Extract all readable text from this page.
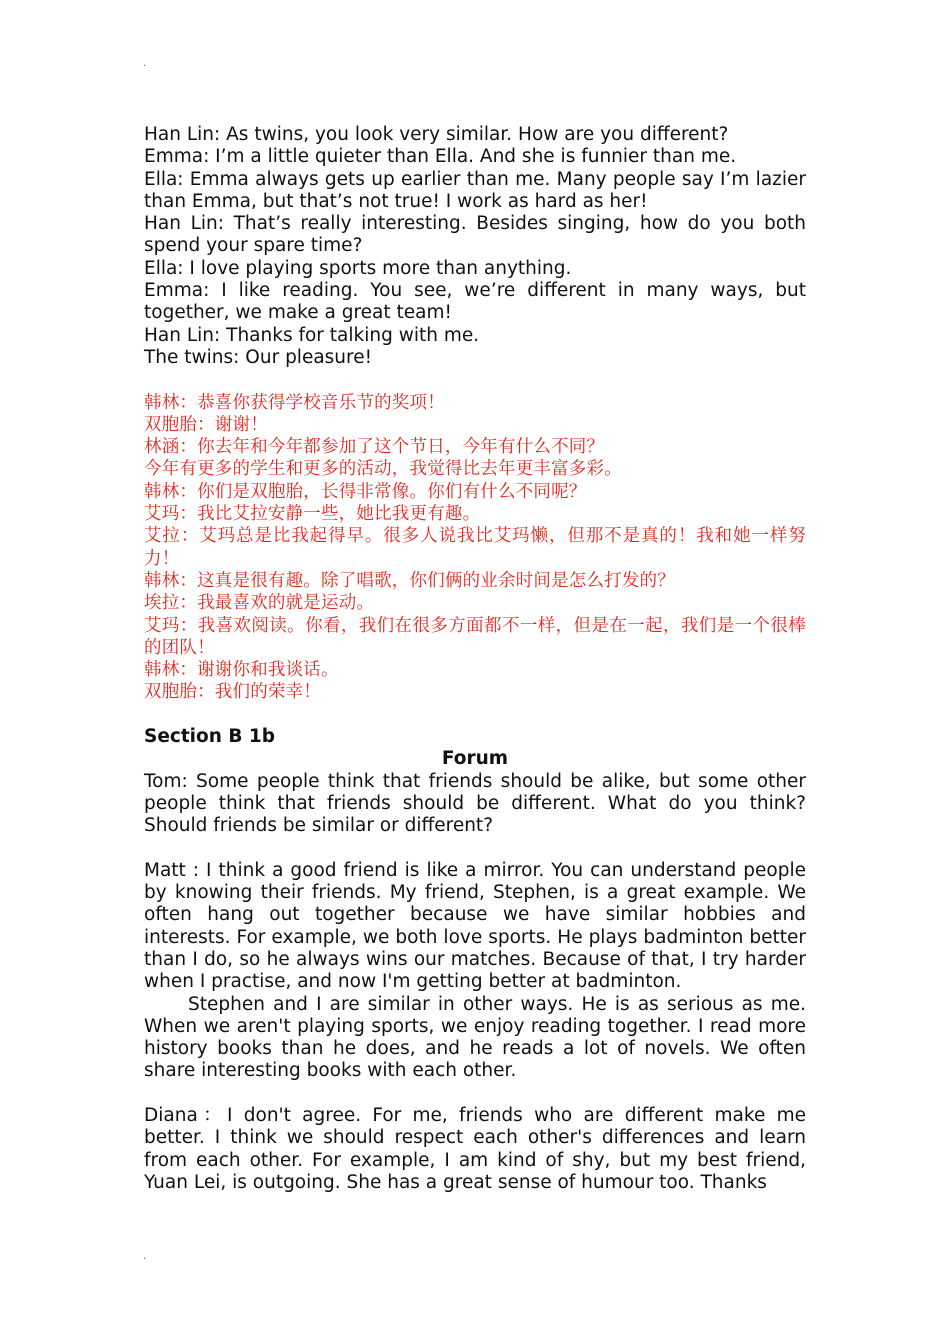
·

Han Lin: As twins, you look very similar. How are you different?

Emma: I’m a little quieter than Ella. And she is funnier than me.

Ella: Emma always gets up earlier than me. Many people say I’m lazier than Emma, but that’s not true! I work as hard as her!

Han Lin: That’s really interesting. Besides singing, how do you both spend your spare time?

Ella: I love playing sports more than anything.

Emma: I like reading. You see, we’re different in many ways, but together, we make a great team!

Han Lin: Thanks for talking with me.

The twins: Our pleasure!

韩林：恭喜你获得学校音乐节的奖项！

双胞胎：谢谢！

林涵：你去年和今年都参加了这个节日，今年有什么不同？

今年有更多的学生和更多的活动，我觉得比去年更丰富多彩。

韩林：你们是双胞胎，长得非常像。你们有什么不同呢？

艾玛：我比艾拉安静一些，她比我更有趣。

艾拉：艾玛总是比我起得早。很多人说我比艾玛懒，但那不是真的！我和她一样努力！

韩林：这真是很有趣。除了唱歌，你们俩的业余时间是怎么打发的？

埃拉：我最喜欢的就是运动。

艾玛：我喜欢阅读。你看，我们在很多方面都不一样，但是在一起，我们是一个很棒的团队！

韩林：谢谢你和我谈话。

双胞胎：我们的荣幸！

Section B 1b

Forum

Tom: Some people think that friends should be alike, but some other people think that friends should be different. What do you think? Should friends be similar or different?

Matt : I think a good friend is like a mirror. You can understand people by knowing their friends. My friend, Stephen, is a great example. We often hang out together because we have similar hobbies and interests. For example, we both love sports. He plays badminton better than I do, so he always wins our matches. Because of that, I try harder when I practise, and now I'm getting better at badminton.

Stephen and I are similar in other ways. He is as serious as me. When we aren't playing sports, we enjoy reading together. I read more history books than he does, and he reads a lot of novels. We often share interesting books with each other.

Diana：I don't agree. For me, friends who are different make me better. I think we should respect each other's differences and learn from each other. For example, I am kind of shy, but my best friend, Yuan Lei, is outgoing. She has a great sense of humour too. Thanks

·
